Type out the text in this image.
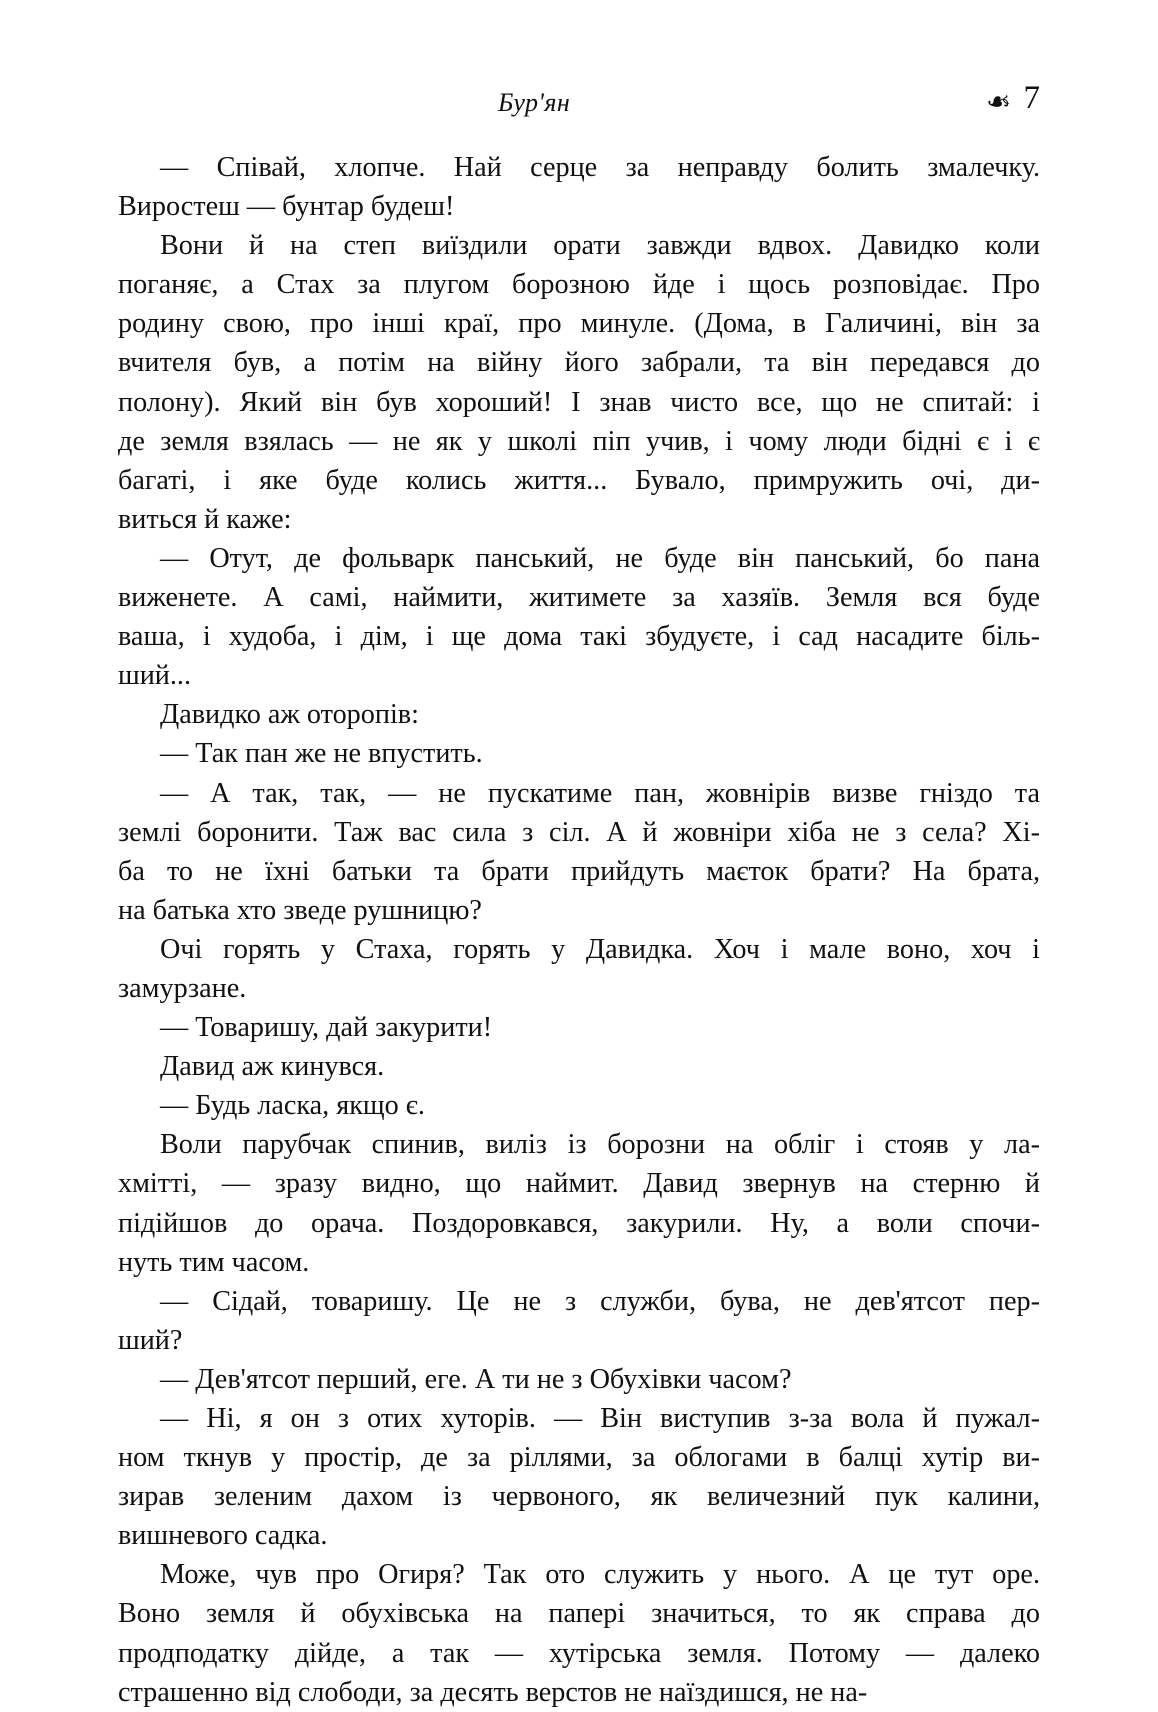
Бур'ян	❧ 7

— Співай, хлопче. Най серце за неправду болить змалечку.
Виростеш — бунтар будеш!

Вони й на степ виїздили орати завжди вдвох. Давидко коли
поганяє, а Стах за плугом борозною йде і щось розповідає. Про
родину свою, про інші краї, про минуле. (Дома, в Галичині, він за
вчителя був, а потім на війну його забрали, та він передався до
полону). Який він був хороший! І знав чисто все, що не спитай: і
де земля взялась — не як у школі піп учив, і чому люди бідні є і є
багаті, і яке буде колись життя... Бувало, примружить очі, ди-
виться й каже:

— Отут, де фольварк панський, не буде він панський, бо пана
виженете. А самі, наймити, житимете за хазяїв. Земля вся буде
ваша, і худоба, і дім, і ще дома такі збудуєте, і сад насадите біль-
ший...

Давидко аж оторопів:

— Так пан же не впустить.

— А так, так, — не пускатиме пан, жовнірів визве гніздо та
землі боронити. Таж вас сила з сіл. А й жовніри хіба не з села? Хі-
ба то не їхні батьки та брати прийдуть маєток брати? На брата,
на батька хто зведе рушницю?

Очі горять у Стаха, горять у Давидка. Хоч і мале воно, хоч і
замурзане.

— Товаришу, дай закурити!

Давид аж кинувся.

— Будь ласка, якщо є.

Воли парубчак спинив, виліз із борозни на обліг і стояв у ла-
хмітті, — зразу видно, що наймит. Давид звернув на стерню й
підійшов до орача. Поздоровкався, закурили. Ну, а воли спочи-
нуть тим часом.

— Сідай, товаришу. Це не з служби, бува, не дев'ятсот пер-
ший?

— Дев'ятсот перший, еге. А ти не з Обухівки часом?

— Ні, я он з отих хуторів. — Він виступив з-за вола й пужал-
ном ткнув у простір, де за ріллями, за облогами в балці хутір ви-
зирав зеленим дахом із червоного, як величезний пук калини,
вишневого садка.

Може, чув про Огиря? Так ото служить у нього. А це тут оре.
Воно земля й обухівська на папері значиться, то як справа до
продподатку дійде, а так — хутірська земля. Потому — далеко
страшенно від слободи, за десять верстов не наїздишся, не на-
